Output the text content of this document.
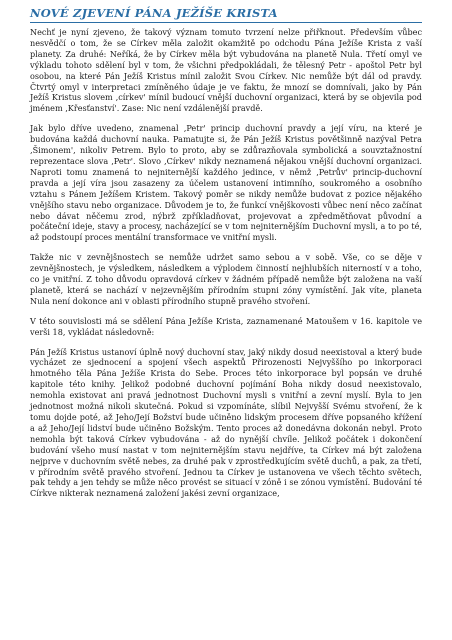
NOVÉ ZJEVENÍ PÁNA JEŽÍŠE KRISTA

Nechť je nyní zjeveno, že takový význam tomuto tvrzení nelze přiřknout. Především vůbec nesvědčí o tom, že se Církev měla založit okamžitě po odchodu Pána Ježíše Krista z vaší planety. Za druhé: Neříká, že by Církev měla být vybudována na planetě Nula. Třetí omyl ve výkladu tohoto sdělení byl v tom, že všichni předpokládali, že tělesný Petr - apoštol Petr byl osobou, na které Pán Ježíš Kristus mínil založit Svou Církev. Nic nemůže být dál od pravdy. Čtvrtý omyl v interpretaci zmíněného údaje je ve faktu, že mnozí se domnívali, jako by Pán Ježíš Kristus slovem ‚církev' mínil budoucí vnější duchovní organizaci, která by se objevila pod jménem ‚Křesťanství'. Zase: Nic není vzdálenější pravdě.

Jak bylo dříve uvedeno, znamenal ‚Petr' princip duchovní pravdy a její víru, na které je budována každá duchovní nauka. Pamatujte si, že Pán Ježíš Kristus povětšinně nazýval Petra ‚Šimonem', nikoliv Petrem. Bylo to proto, aby se zdůrazňovala symbolická a souvztažnostní reprezentace slova ‚Petr'. Slovo ‚Církev' nikdy neznamená nějakou vnější duchovní organizaci. Naproti tomu znamená to nejniternější každého jedince, v němž ‚Petrův' princip-duchovní pravda a její víra jsou zasazeny za účelem ustanovení intimního, soukromého a osobního vztahu s Pánem Ježíšem Kristem. Takový poměr se nikdy nemůže budovat z pozice nějakého vnějšího stavu nebo organizace. Důvodem je to, že funkcí vnějškovosti vůbec není něco začínat nebo dávat něčemu zrod, nýbrž zpříkladňovat, projevovat a zpředmětňovat původní a počáteční ideje, stavy a procesy, nacházející se v tom nejniternějším Duchovní mysli, a to po té, až podstoupí proces mentální transformace ve vnitřní mysli.

Takže nic v zevnějšnostech se nemůže udržet samo sebou a v sobě. Vše, co se děje v zevnějšnostech, je výsledkem, následkem a výplodem činností nejhlubších niterností v a toho, co je vnitřní. Z toho důvodu opravdová církev v žádném případě nemůže být založena na vaší planetě, která se nachází v nejzevnějším přírodním stupni zóny vymístění. Jak víte, planeta Nula není dokonce ani v oblasti přírodního stupně pravého stvoření.

V této souvislosti má se sdělení Pána Ježíše Krista, zaznamenané Matoušem v 16. kapitole ve verši 18, vykládat následovně:

Pán Ježíš Kristus ustanoví úplně nový duchovní stav, jaký nikdy dosud neexistoval a který bude vycházet ze sjednocení a spojení všech aspektů Přirozenosti Nejvyššího po inkorporaci hmotného těla Pána Ježíše Krista do Sebe. Proces této inkorporace byl popsán ve druhé kapitole této knihy. Jelikož podobné duchovní pojímání Boha nikdy dosud neexistovalo, nemohla existovat ani pravá jednotnost Duchovní mysli s vnitřní a zevní myslí. Byla to jen jednotnost možná nikoli skutečná. Pokud si vzpomínáte, slíbil Nejvyšší Svému stvoření, že k tomu dojde poté, až Jeho/Její Božství bude učiněno lidským procesem dříve popsaného křížení a až Jeho/Její lidství bude učiněno Božským. Tento proces až donedávna dokonán nebyl. Proto nemohla být taková Církev vybudována - až do nynější chvíle. Jelikož počátek i dokončení budování všeho musí nastat v tom nejniternějším stavu nejdříve, ta Církev má být založena nejprve v duchovním světě nebes, za druhé pak v zprostředkujícím světě duchů, a pak, za třetí, v přírodním světě pravého stvoření. Jednou ta Církev je ustanovena ve všech těchto světech, pak tehdy a jen tehdy se může něco provést se situací v zóně i se zónou vymístění. Budování té Církve nikterak neznamená založení jakési zevní organizace,
